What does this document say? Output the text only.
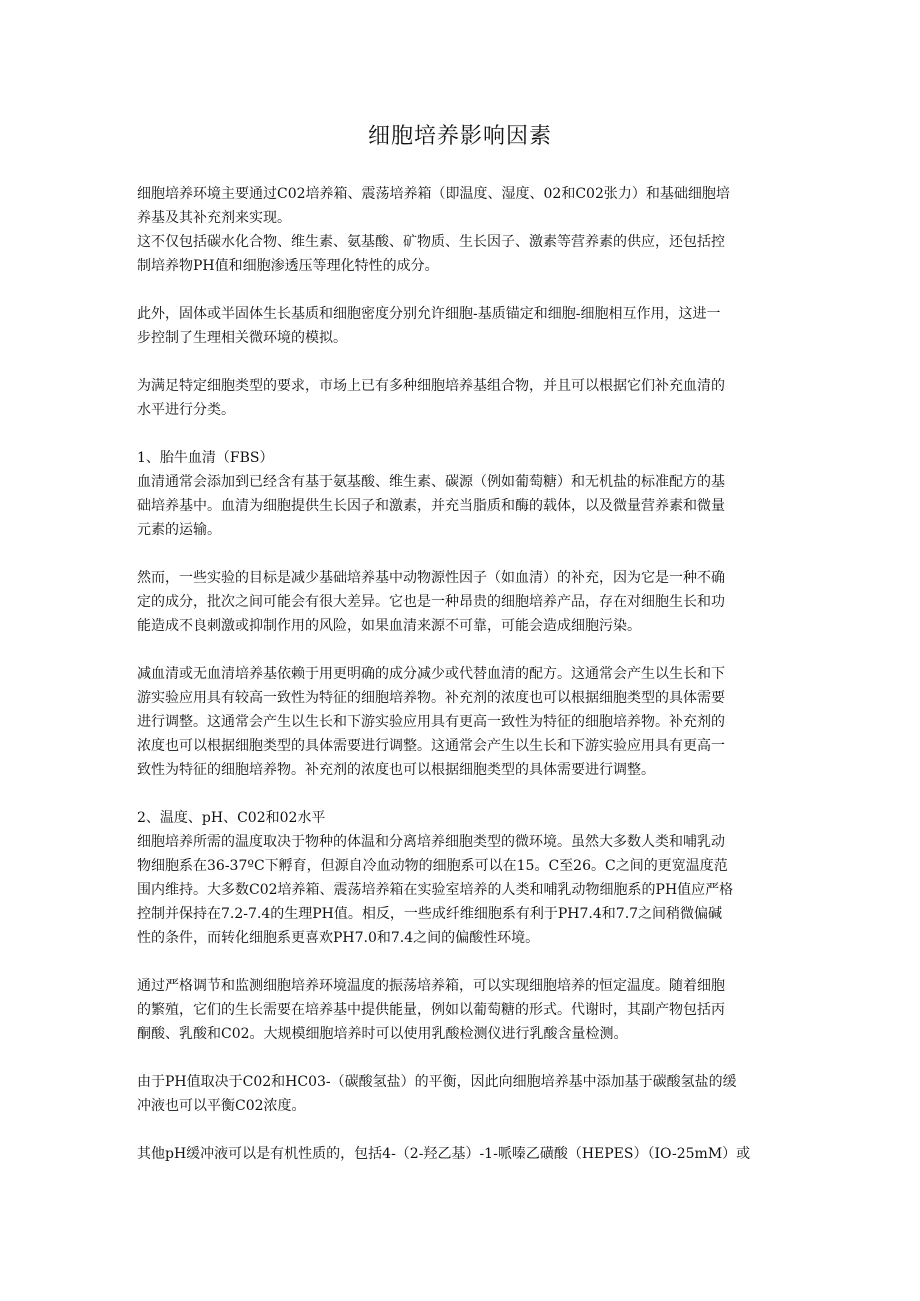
细胞培养影响因素

细胞培养环境主要通过C02培养箱、震荡培养箱（即温度、湿度、02和C02张力）和基础细胞培
养基及其补充剂来实现。

这不仅包括碳水化合物、维生素、氨基酸、矿物质、生长因子、激素等营养素的供应，还包括控
制培养物PH值和细胞渗透压等理化特性的成分。

此外，固体或半固体生长基质和细胞密度分别允许细胞-基质锚定和细胞-细胞相互作用，这进一
步控制了生理相关微环境的模拟。

为满足特定细胞类型的要求，市场上已有多种细胞培养基组合物，并且可以根据它们补充血清的
水平进行分类。

1、胎牛血清（FBS）
血清通常会添加到已经含有基于氨基酸、维生素、碳源（例如葡萄糖）和无机盐的标准配方的基
础培养基中。血清为细胞提供生长因子和激素，并充当脂质和酶的载体，以及微量营养素和微量
元素的运输。

然而，一些实验的目标是减少基础培养基中动物源性因子（如血清）的补充，因为它是一种不确
定的成分，批次之间可能会有很大差异。它也是一种昂贵的细胞培养产品，存在对细胞生长和功
能造成不良刺激或抑制作用的风险，如果血清来源不可靠，可能会造成细胞污染。

减血清或无血清培养基依赖于用更明确的成分减少或代替血清的配方。这通常会产生以生长和下
游实验应用具有较高一致性为特征的细胞培养物。补充剂的浓度也可以根据细胞类型的具体需要
进行调整。这通常会产生以生长和下游实验应用具有更高一致性为特征的细胞培养物。补充剂的
浓度也可以根据细胞类型的具体需要进行调整。这通常会产生以生长和下游实验应用具有更高一
致性为特征的细胞培养物。补充剂的浓度也可以根据细胞类型的具体需要进行调整。

2、温度、pH、C02和02水平
细胞培养所需的温度取决于物种的体温和分离培养细胞类型的微环境。虽然大多数人类和哺乳动
物细胞系在36-37ºC下孵育，但源自冷血动物的细胞系可以在15。C至26。C之间的更宽温度范
围内维持。大多数C02培养箱、震荡培养箱在实验室培养的人类和哺乳动物细胞系的PH值应严格
控制并保持在7.2-7.4的生理PH值。相反，一些成纤维细胞系有利于PH7.4和7.7之间稍微偏碱
性的条件，而转化细胞系更喜欢PH7.0和7.4之间的偏酸性环境。

通过严格调节和监测细胞培养环境温度的振荡培养箱，可以实现细胞培养的恒定温度。随着细胞
的繁殖，它们的生长需要在培养基中提供能量，例如以葡萄糖的形式。代谢时，其副产物包括丙
酮酸、乳酸和C02。大规模细胞培养时可以使用乳酸检测仪进行乳酸含量检测。

由于PH值取决于C02和HC03-（碳酸氢盐）的平衡，因此向细胞培养基中添加基于碳酸氢盐的缓
冲液也可以平衡C02浓度。

其他pH缓冲液可以是有机性质的，包括4-（2-羟乙基）-1-哌嗪乙磺酸（HEPES）（IO-25mM）或
